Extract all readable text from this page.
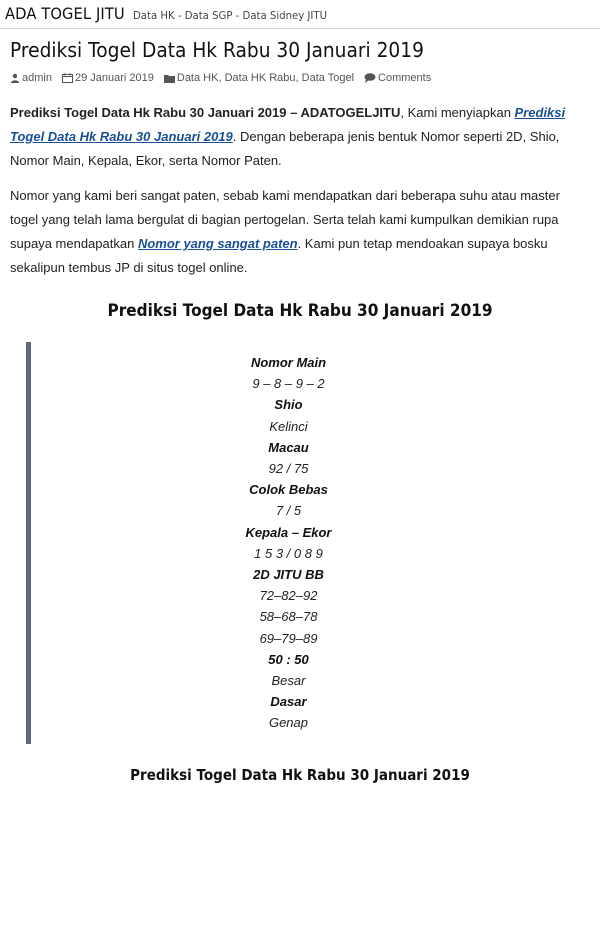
ADA TOGEL JITU Data HK - Data SGP - Data Sidney JITU
Prediksi Togel Data Hk Rabu 30 Januari 2019
admin 29 Januari 2019 Data HK , Data HK Rabu , Data Togel Comments

Prediksi Togel Data Hk Rabu 30 Januari 2019 – ADATOGELJITU, Kami menyiapkan Prediksi Togel Data Hk Rabu 30 Januari 2019. Dengan beberapa jenis bentuk Nomor seperti 2D, Shio, Nomor Main, Kepala, Ekor, serta Nomor Paten.

Nomor yang kami beri sangat paten, sebab kami mendapatkan dari beberapa suhu atau master togel yang telah lama bergulat di bagian pertogelan. Serta telah kami kumpulkan demikian rupa supaya mendapatkan Nomor yang sangat paten. Kami pun tetap mendoakan supaya bosku sekalipun tembus JP di situs togel online.

Prediksi Togel Data Hk Rabu 30 Januari 2019
Nomor Main
9 – 8 – 9 – 2
Shio
Kelinci
Macau
92 / 75
Colok Bebas
7 / 5
Kepala – Ekor
1 5 3 / 0 8 9
2D JITU BB
72–82–92
58–68–78
69–79–89
50 : 50
Besar
Dasar
Genap
Prediksi Togel Data Hk Rabu 30 Januari 2019
